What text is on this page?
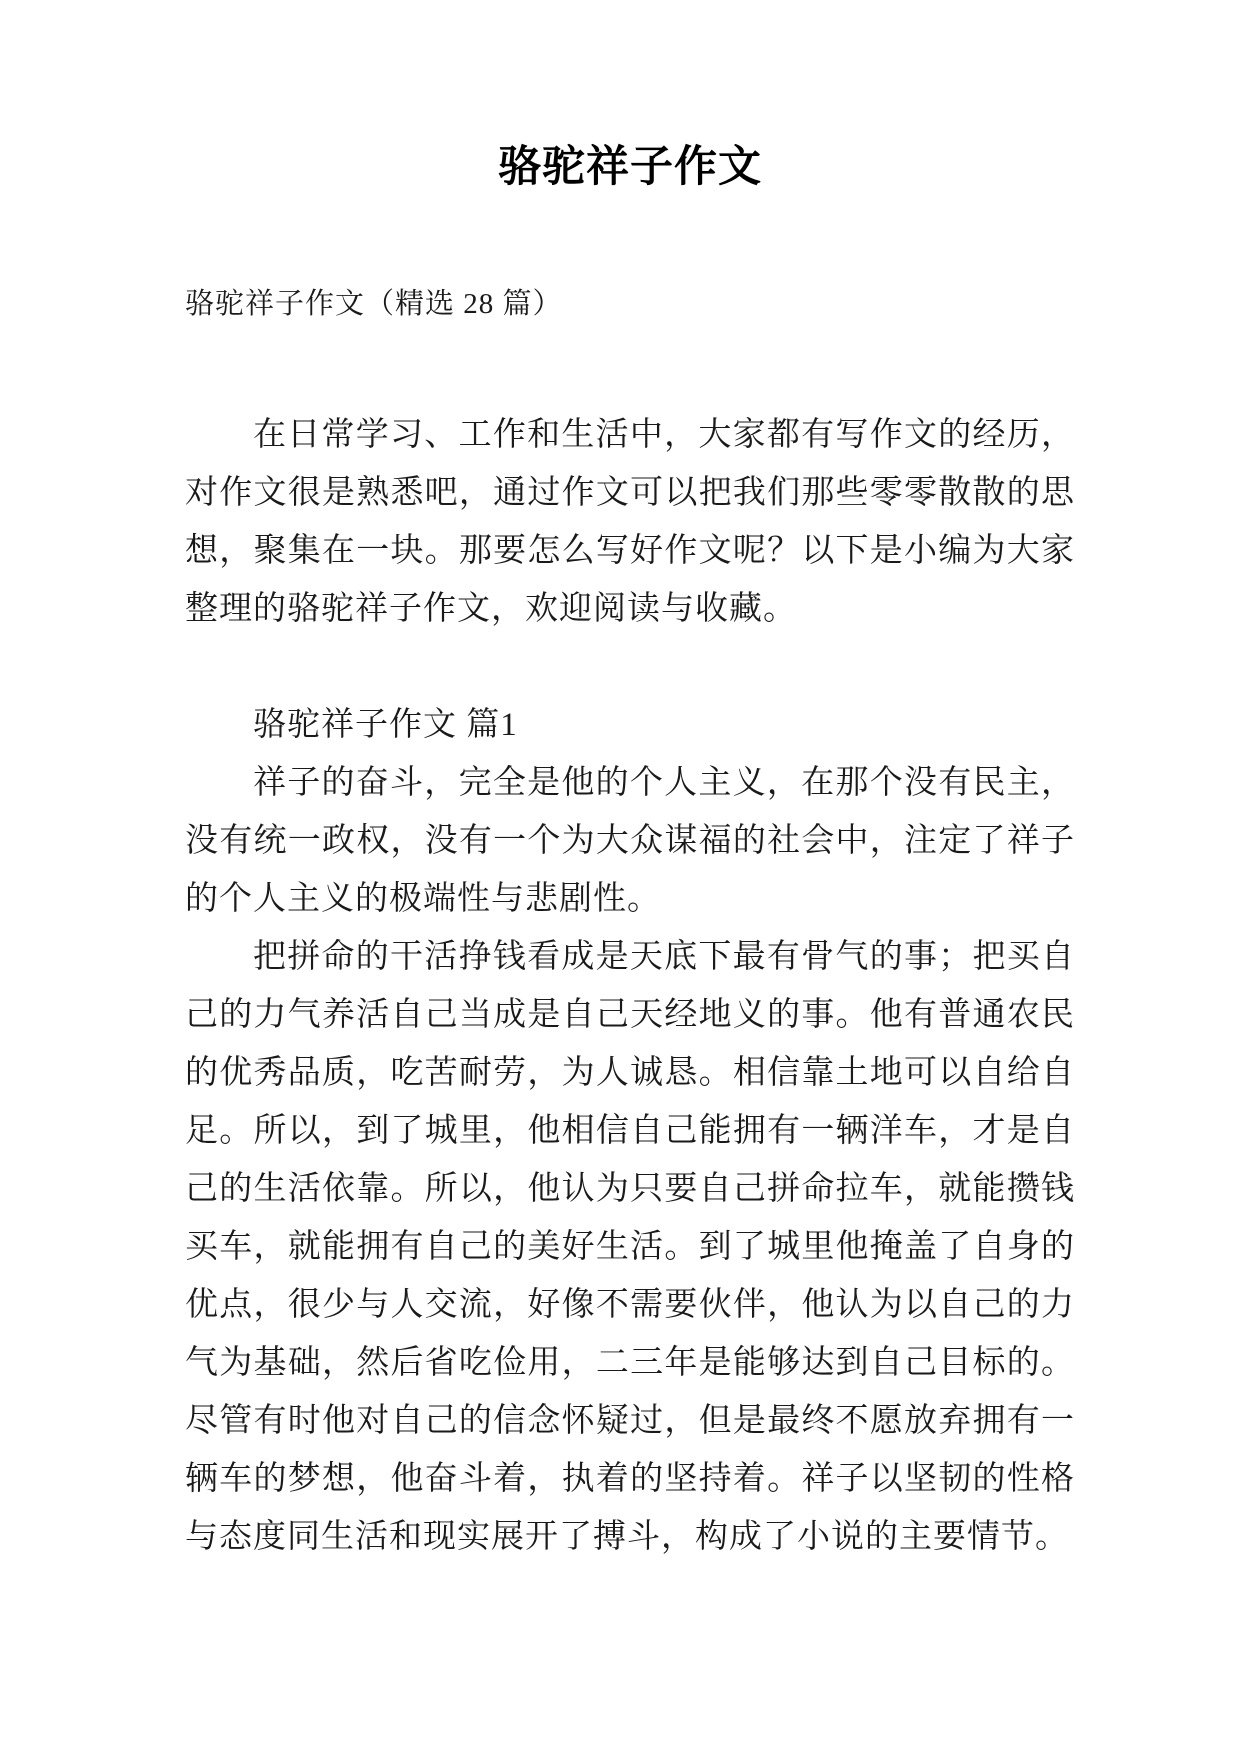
骆驼祥子作文

骆驼祥子作文（精选 28 篇）

在日常学习、工作和生活中，大家都有写作文的经历，对作文很是熟悉吧，通过作文可以把我们那些零零散散的思想，聚集在一块。那要怎么写好作文呢？以下是小编为大家整理的骆驼祥子作文，欢迎阅读与收藏。

骆驼祥子作文 篇1

祥子的奋斗，完全是他的个人主义，在那个没有民主，没有统一政权，没有一个为大众谋福的社会中，注定了祥子的个人主义的极端性与悲剧性。

把拼命的干活挣钱看成是天底下最有骨气的事；把买自己的力气养活自己当成是自己天经地义的事。他有普通农民的优秀品质，吃苦耐劳，为人诚恳。相信靠土地可以自给自足。所以，到了城里，他相信自己能拥有一辆洋车，才是自己的生活依靠。所以，他认为只要自己拼命拉车，就能攒钱买车，就能拥有自己的美好生活。到了城里他掩盖了自身的优点，很少与人交流，好像不需要伙伴，他认为以自己的力气为基础，然后省吃俭用，二三年是能够达到自己目标的。尽管有时他对自己的信念怀疑过，但是最终不愿放弃拥有一辆车的梦想，他奋斗着，执着的坚持着。祥子以坚韧的性格与态度同生活和现实展开了搏斗，构成了小说的主要情节。
